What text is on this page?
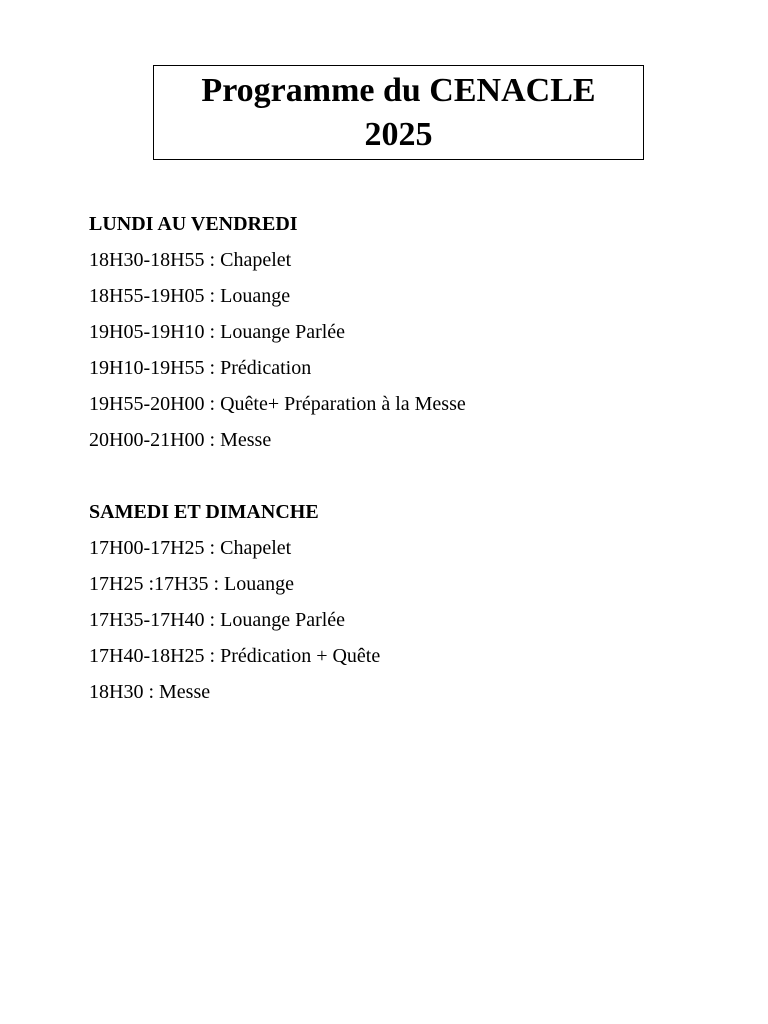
Programme du CENACLE
2025
LUNDI AU VENDREDI
18H30-18H55 : Chapelet
18H55-19H05 : Louange
19H05-19H10 : Louange Parlée
19H10-19H55 : Prédication
19H55-20H00 : Quête+ Préparation à la Messe
20H00-21H00 : Messe
SAMEDI ET DIMANCHE
17H00-17H25 : Chapelet
17H25 :17H35 : Louange
17H35-17H40 : Louange Parlée
17H40-18H25 : Prédication + Quête
18H30 : Messe
